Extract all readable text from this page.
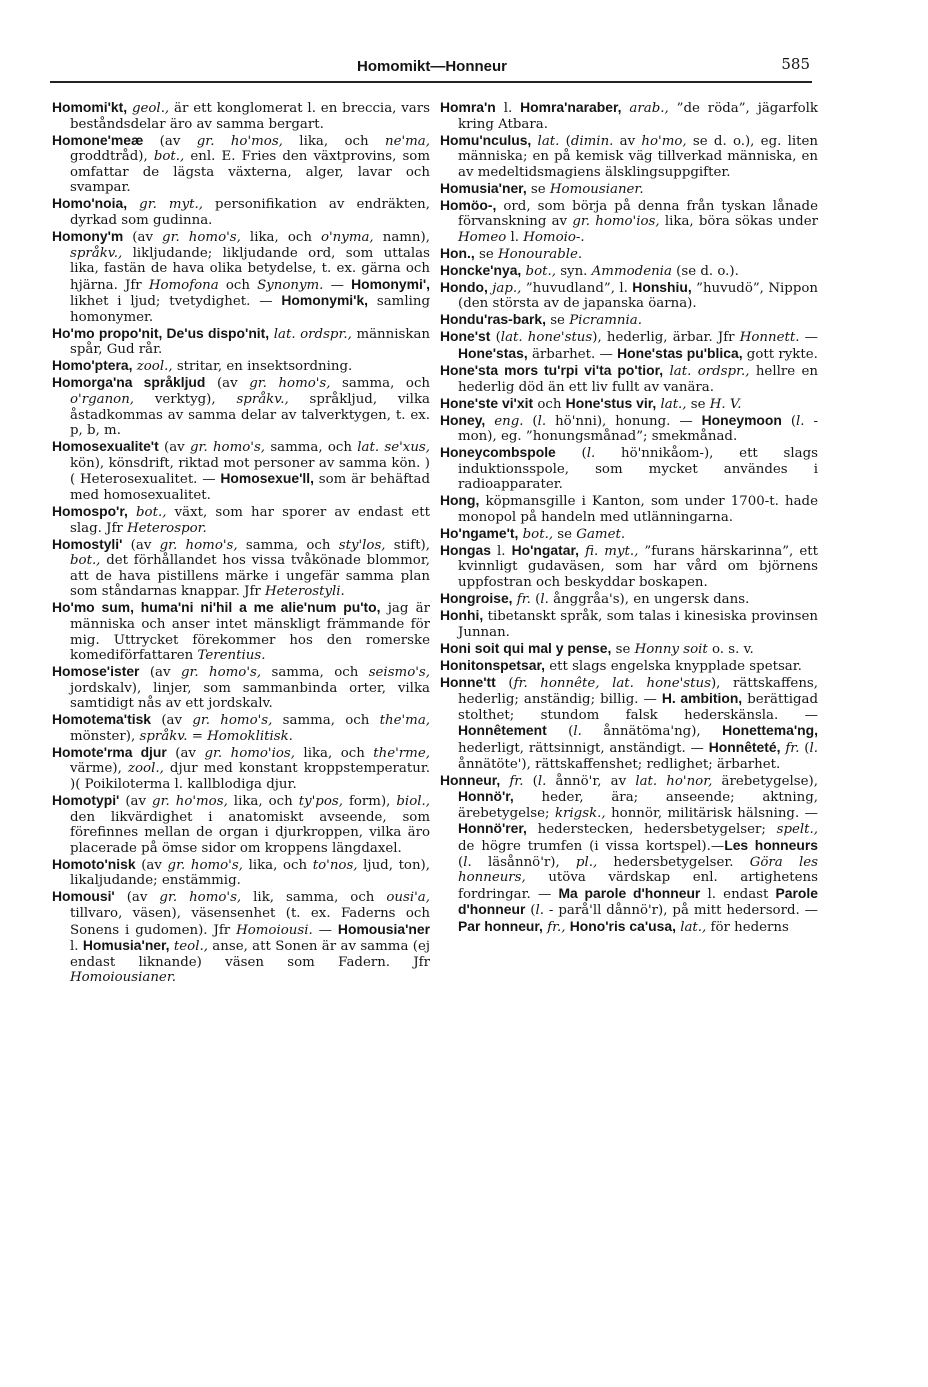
Homomikt—Honneur	585

Homomi'kt, geol., är ett konglomerat l. en breccia, vars beståndsdelar äro av samma bergart.

Homone'meæ (av gr. ho'mos, lika, och ne'ma, groddtråd), bot., enl. E. Fries den växtprovins, som omfattar de lägsta växterna, alger, lavar och svampar.

Homo'noia, gr. myt., personifikation av endräkten, dyrkad som gudinna.

Homony'm (av gr. homo's, lika, och o'nyma, namn), språkv., likljudande; likljudande ord, som uttalas lika, fastän de hava olika betydelse, t. ex. gärna och hjärna. Jfr Homofona och Synonym. — Homonymi', likhet i ljud; tvetydighet. — Homonymi'k, samling homonymer.

Ho'mo propo'nit, De'us dispo'nit, lat. ordspr., människan spår, Gud rår.

Homo'ptera, zool., stritar, en insektsordning.

Homorga'na språkljud (av gr. homo's, samma, och o'rganon, verktyg), språkv., språkljud, vilka åstadkommas av samma delar av talverktygen, t. ex. p, b, m.

Homosexualite't (av gr. homo's, samma, och lat. se'xus, kön), könsdrift, riktad mot personer av samma kön. )( Heterosexualitet. — Homosexue'll, som är behäftad med homosexualitet.

Homospo'r, bot., växt, som har sporer av endast ett slag. Jfr Heterospor.

Homostyli' (av gr. homo's, samma, och sty'los, stift), bot., det förhållandet hos vissa tvåkönade blommor, att de hava pistillens märke i ungefär samma plan som ståndarnas knappar. Jfr Heterostyli.

Ho'mo sum, huma'ni ni'hil a me alie'num pu'to, jag är människa och anser intet mänskligt främmande för mig. Uttrycket förekommer hos den romerske komediförfattaren Terentius.

Homose'ister (av gr. homo's, samma, och seismo's, jordskalv), linjer, som sammanbinda orter, vilka samtidigt nås av ett jordskalv.

Homotema'tisk (av gr. homo's, samma, och the'ma, mönster), språkv. = Homoklitisk.

Homote'rma djur (av gr. homo'ios, lika, och the'rme, värme), zool., djur med konstant kroppstemperatur. )( Poikiloterma l. kallblodiga djur.

Homotypi' (av gr. ho'mos, lika, och ty'pos, form), biol., den likvärdighet i anatomiskt avseende, som förefinnes mellan de organ i djurkroppen, vilka äro placerade på ömse sidor om kroppens längdaxel.

Homoto'nisk (av gr. homo's, lika, och to'nos, ljud, ton), likaljudande; enstämmig.

Homousi' (av gr. homo's, lik, samma, och ousi'a, tillvaro, väsen), väsensenhet (t. ex. Faderns och Sonens i gudomen). Jfr Homoiousi. — Homousia'ner l. Homusia'ner, teol., anse, att Sonen är av samma (ej endast liknande) väsen som Fadern. Jfr Homoiousianer.

Homra'n l. Homra'naraber, arab., ”de röda”, jägarfolk kring Atbara.

Homu'nculus, lat. (dimin. av ho'mo, se d. o.), eg. liten människa; en på kemisk väg tillverkad människa, en av medeltidsmagiens älsklingsuppgifter.

Homusia'ner, se Homousianer.

Homöo-, ord, som börja på denna från tyskan lånade förvanskning av gr. homo'ios, lika, böra sökas under Homeo l. Homoio-.

Hon., se Honourable.

Honcke'nya, bot., syn. Ammodenia (se d. o.).

Hondo, jap., ”huvudland”, l. Honshiu, ”huvudö”, Nippon (den största av de japanska öarna).

Hondu'ras-bark, se Picramnia.

Hone'st (lat. hone'stus), hederlig, ärbar. Jfr Honnett. — Hone'stas, ärbarhet. — Hone'stas pu'blica, gott rykte.

Hone'sta mors tu'rpi vi'ta po'tior, lat. ordspr., hellre en hederlig död än ett liv fullt av vanära.

Hone'ste vi'xit och Hone'stus vir, lat., se H. V.

Honey, eng. (l. hö'nni), honung. — Honeymoon (l. -mon), eg. ”honungsmånad”; smekmånad.

Honeycombspole (l. hö'nnikåom-), ett slags induktionsspole, som mycket användes i radioapparater.

Hong, köpmansgille i Kanton, som under 1700-t. hade monopol på handeln med utlänningarna.

Ho'ngame't, bot., se Gamet.

Hongas l. Ho'ngatar, fi. myt., ”furans härskarinna”, ett kvinnligt gudaväsen, som har vård om björnens uppfostran och beskyddar boskapen.

Hongroise, fr. (l. ånggråa's), en ungersk dans.

Honhi, tibetanskt språk, som talas i kinesiska provinsen Junnan.

Honi soit qui mal y pense, se Honny soit o. s. v.

Honitonspetsar, ett slags engelska knypplade spetsar.

Honne'tt (fr. honnête, lat. hone'stus), rättskaffens, hederlig; anständig; billig. — H. ambition, berättigad stolthet; stundom falsk hederskänsla. — Honnêtement (l. ånnätöma'ng), Honettema'ng, hederligt, rättsinnigt, anständigt. — Honnêteté, fr. (l. ånnätöte'), rättskaffenshet; redlighet; ärbarhet.

Honneur, fr. (l. ånnö'r, av lat. ho'nor, ärebetygelse), Honnö'r, heder, ära; anseende; aktning, ärebetygelse; krigsk., honnör, militärisk hälsning. — Honnö'rer, hederstecken, hedersbetygelser; spelt., de högre trumfen (i vissa kortspel).—Les honneurs (l. läsånnö'r), pl., hedersbetygelser. Göra les honneurs, utöva värdskap enl. artighetens fordringar. — Ma parole d'honneur l. endast Parole d'honneur (l. - parå'll dånnö'r), på mitt hedersord. — Par honneur, fr., Hono'ris ca'usa, lat., för hederns
